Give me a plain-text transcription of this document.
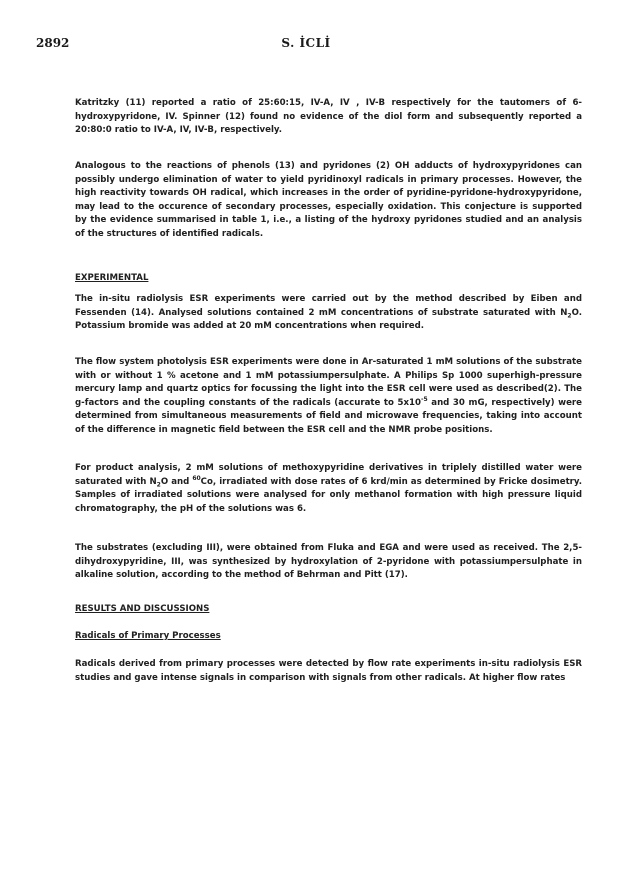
2892	S. İCLİ

Katritzky (11) reported a ratio of 25:60:15, IV-A, IV , IV-B respectively for the tautomers of 6-hydroxypyridone, IV. Spinner (12) found no evidence of the diol form and subsequently reported a 20:80:0 ratio to IV-A, IV, IV-B, respectively.

Analogous to the reactions of phenols (13) and pyridones (2) OH adducts of hydroxypyridones can possibly undergo elimination of water to yield pyridinoxyl radicals in primary processes. However, the high reactivity towards OH radical, which increases in the order of pyridine-pyridone-hydroxypyridone, may lead to the occurence of secondary processes, especially oxidation. This conjecture is supported by the evidence summarised in table 1, i.e., a listing of the hydroxy pyridones studied and an analysis of the structures of identified radicals.

EXPERIMENTAL

The in-situ radiolysis ESR experiments were carried out by the method described by Eiben and Fessenden (14). Analysed solutions contained 2 mM concentrations of substrate saturated with $N_2O$. Potassium bromide was added at 20 mM concentrations when required.

The flow system photolysis ESR experiments were done in Ar-saturated 1 mM solutions of the substrate with or without 1 % acetone and 1 mM potassiumpersulphate. A Philips Sp 1000 superhigh-pressure mercury lamp and quartz optics for focussing the light into the ESR cell were used as described(2). The g-factors and the coupling constants of the radicals (accurate to $5x10^{-5}$ and 30 mG, respectively) were determined from simultaneous measurements of field and microwave frequencies, taking into account of the difference in magnetic field between the ESR cell and the NMR probe positions.

For product analysis, 2 mM solutions of methoxypyridine derivatives in triplely distilled water were saturated with $N_2O$ and $^{60}$Co, irradiated with dose rates of 6 krd/min as determined by Fricke dosimetry. Samples of irradiated solutions were analysed for only methanol formation with high pressure liquid chromatography, the pH of the solutions was 6.

The substrates (excluding III), were obtained from Fluka and EGA and were used as received. The 2,5-dihydroxypyridine, III, was synthesized by hydroxylation of 2-pyridone with potassiumpersulphate in alkaline solution, according to the method of Behrman and Pitt (17).

RESULTS AND DISCUSSIONS
Radicals of Primary Processes

Radicals derived from primary processes were detected by flow rate experiments in-situ radiolysis ESR studies and gave intense signals in comparison with signals from other radicals. At higher flow rates
